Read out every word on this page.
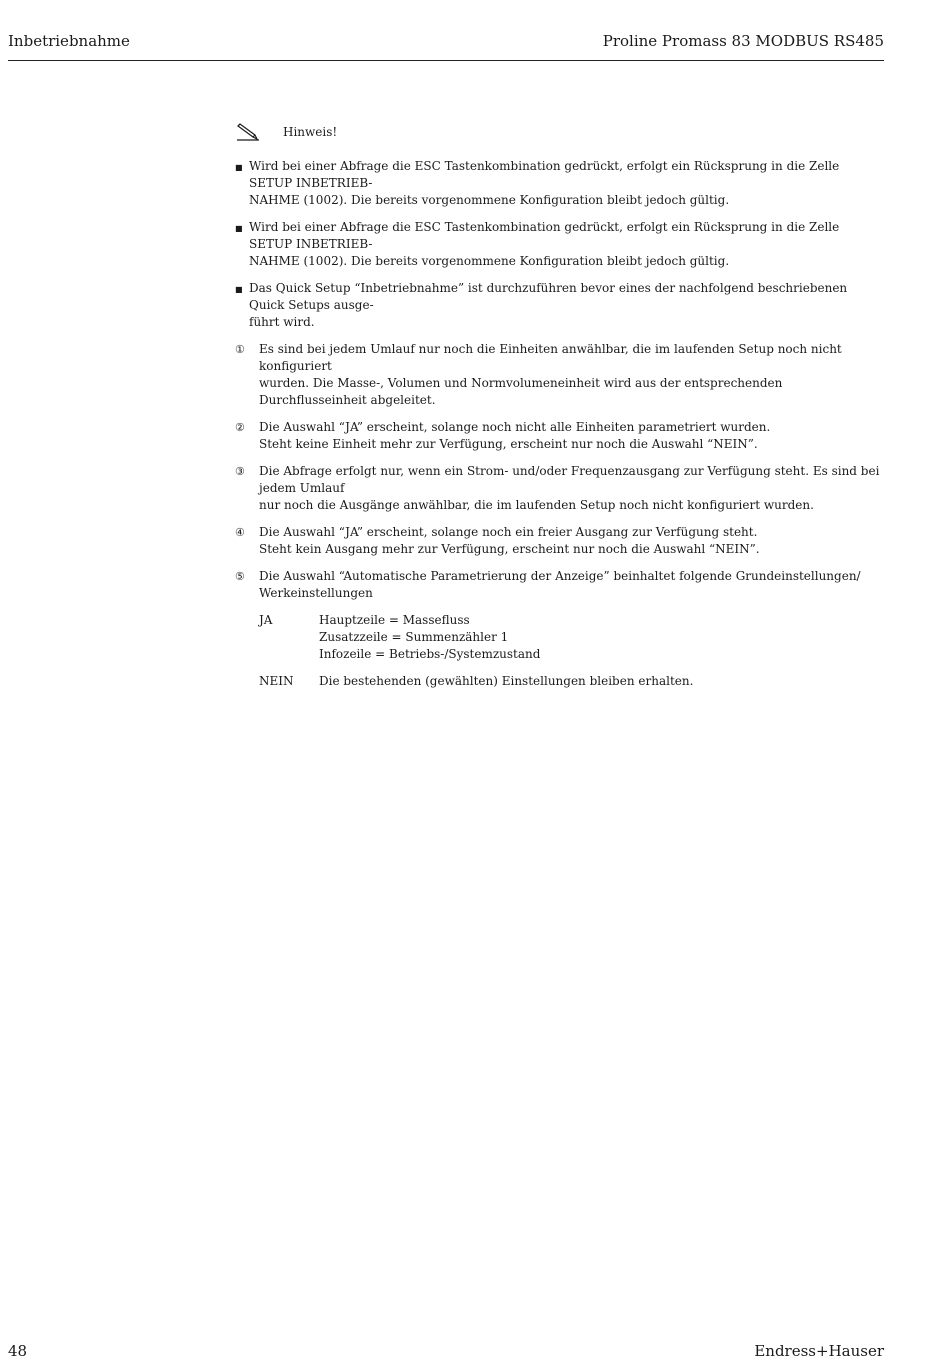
Inbetriebnahme	Proline Promass 83 MODBUS RS485
Hinweis!
■ Wird bei einer Abfrage die ESC Tastenkombination gedrückt, erfolgt ein Rücksprung in die Zelle SETUP INBETRIEB-
NAHME (1002). Die bereits vorgenommene Konfiguration bleibt jedoch gültig.
■ Wird bei einer Abfrage die ESC Tastenkombination gedrückt, erfolgt ein Rücksprung in die Zelle SETUP INBETRIEB-
NAHME (1002). Die bereits vorgenommene Konfiguration bleibt jedoch gültig.
■ Das Quick Setup “Inbetriebnahme” ist durchzuführen bevor eines der nachfolgend beschriebenen Quick Setups ausge-
führt wird.
①	Es sind bei jedem Umlauf nur noch die Einheiten anwählbar, die im laufenden Setup noch nicht konfiguriert
wurden. Die Masse-, Volumen und Normvolumeneinheit wird aus der entsprechenden Durchflusseinheit abgeleitet.
②	Die Auswahl “JA” erscheint, solange noch nicht alle Einheiten parametriert wurden.
Steht keine Einheit mehr zur Verfügung, erscheint nur noch die Auswahl “NEIN”.
③	Die Abfrage erfolgt nur, wenn ein Strom- und/oder Frequenzausgang zur Verfügung steht. Es sind bei jedem Umlauf
nur noch die Ausgänge anwählbar, die im laufenden Setup noch nicht konfiguriert wurden.
④	Die Auswahl “JA” erscheint, solange noch ein freier Ausgang zur Verfügung steht.
Steht kein Ausgang mehr zur Verfügung, erscheint nur noch die Auswahl “NEIN”.
⑤	Die Auswahl “Automatische Parametrierung der Anzeige” beinhaltet folgende Grundeinstellungen/
Werkeinstellungen
JA	Hauptzeile = Massefluss
Zusatzzeile = Summenzähler 1
Infozeile = Betriebs-/Systemzustand
NEIN	Die bestehenden (gewählten) Einstellungen bleiben erhalten.
48	Endress+Hauser
